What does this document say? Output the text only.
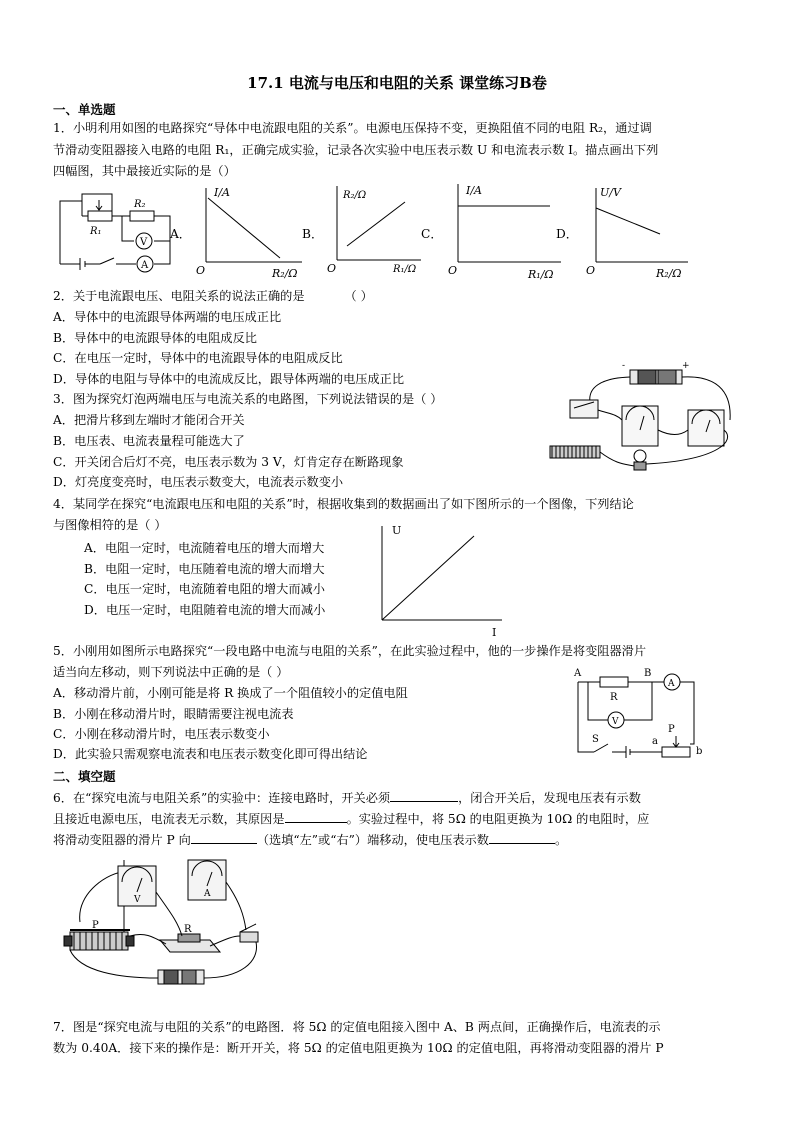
17.1 电流与电压和电阻的关系 课堂练习B卷
一、单选题
1．小明利用如图的电路探究“导体中电流跟电阻的关系”。电源电压保持不变，更换阻值不同的电阻 R₂，通过调
节滑动变阻器接入电路的电阻 R₁，正确完成实验，记录各次实验中电压表示数 U 和电流表示数 I。描点画出下列
四幅图，其中最接近实际的是（）
R₁
R₂
V
A
A．
I/A
O	R₂/Ω
B．
R₂/Ω
O	R₁/Ω
C．
I/A
O	R₁/Ω
D．
U/V
O	R₂/Ω
2．关于电流跟电压、电阻关系的说法正确的是	（ ）
A．导体中的电流跟导体两端的电压成正比
B．导体中的电流跟导体的电阻成反比
C．在电压一定时，导体中的电流跟导体的电阻成反比
D．导体的电阻与导体中的电流成反比，跟导体两端的电压成正比
-	+
3．图为探究灯泡两端电压与电流关系的电路图，下列说法错误的是（ ）
A．把滑片移到左端时才能闭合开关
B．电压表、电流表量程可能选大了
C．开关闭合后灯不亮，电压表示数为 3 V，灯肯定存在断路现象
D．灯亮度变亮时，电压表示数变大，电流表示数变小
4．某同学在探究“电流跟电压和电阻的关系”时，根据收集到的数据画出了如下图所示的一个图像，下列结论
与图像相符的是（ ）
A．电阻一定时，电流随着电压的增大而增大
B．电阻一定时，电压随着电流的增大而增大
C．电压一定时，电流随着电阻的增大而减小
D．电压一定时，电阻随着电流的增大而减小
U
I
5．小刚用如图所示电路探究“一段电路中电流与电阻的关系”，在此实验过程中，他的一步操作是将变阻器滑片
适当向左移动，则下列说法中正确的是（ ）
A．移动滑片前，小刚可能是将 R 换成了一个阻值较小的定值电阻
B．小刚在移动滑片时，眼睛需要注视电流表
C．小刚在移动滑片时，电压表示数变小
D．此实验只需观察电流表和电压表示数变化即可得出结论
A	B
R
V
A
S
P
a
b
二、填空题
6．在“探究电流与电阻关系”的实验中：连接电路时，开关必须	，闭合开关后，发现电压表有示数
且接近电源电压，电流表无示数，其原因是	。实验过程中，将 5Ω 的电阻更换为 10Ω 的电阻时，应
将滑动变阻器的滑片 P 向	（选填“左”或“右”）端移动，使电压表示数	。
P	R
V
A
7．图是“探究电流与电阻的关系”的电路图．将 5Ω 的定值电阻接入图中 A、B 两点间，正确操作后，电流表的示
数为 0.40A．接下来的操作是：断开开关，将 5Ω 的定值电阻更换为 10Ω 的定值电阻，再将滑动变阻器的滑片 P
